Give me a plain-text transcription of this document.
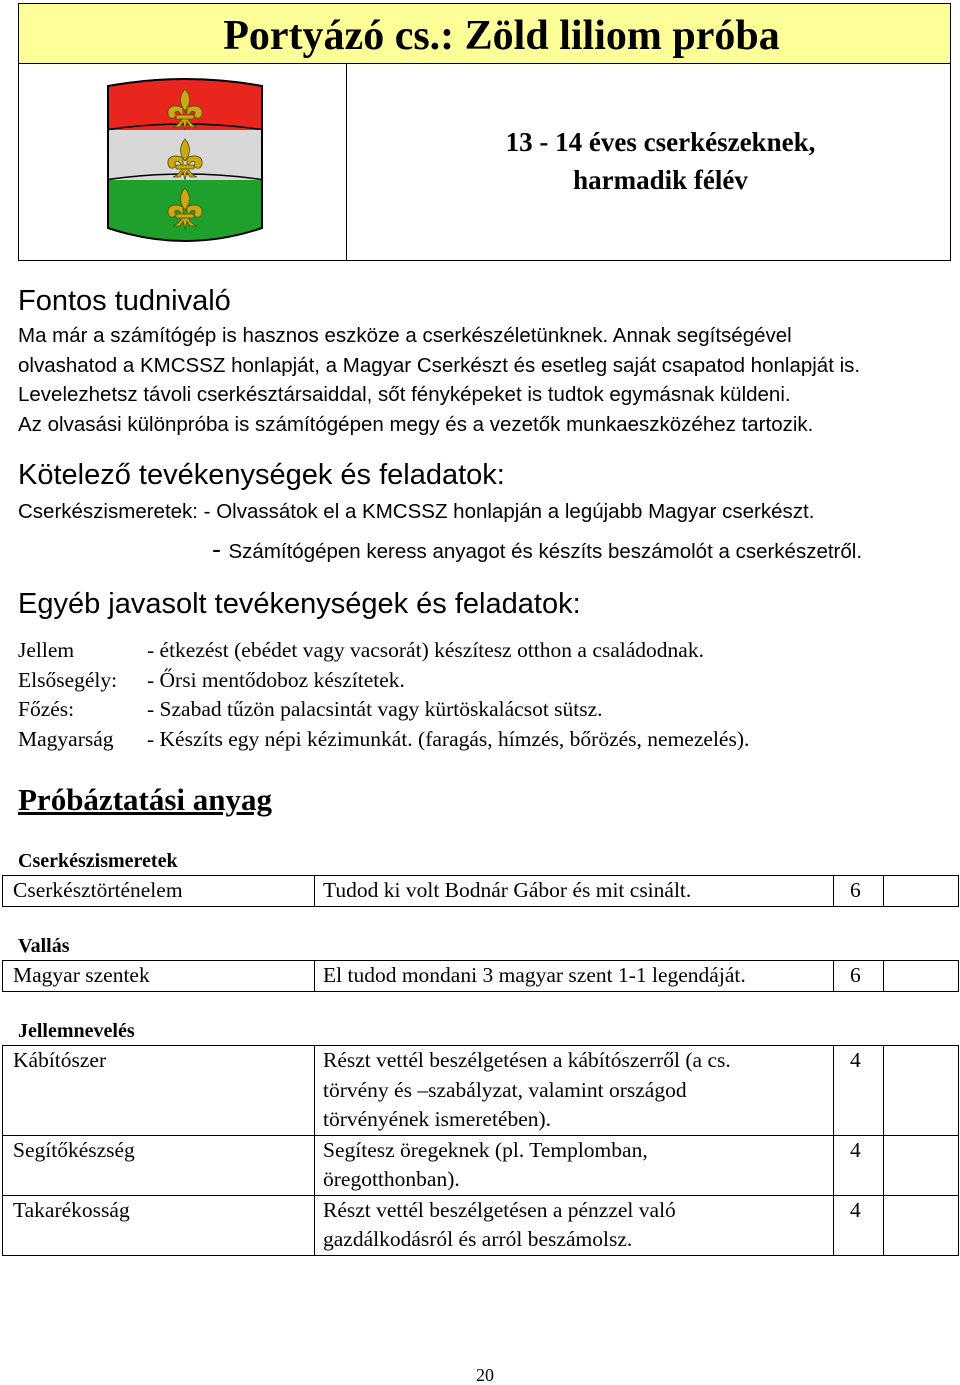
Portyázó cs.: Zöld liliom próba
13 - 14 éves cserkészeknek,
harmadik félév
Fontos tudnivaló
Ma már a számítógép is hasznos eszköze a cserkészéletünknek. Annak segítségével
olvashatod a KMCSSZ honlapját, a Magyar Cserkészt és esetleg saját csapatod honlapját is.
Levelezhetsz távoli cserkésztársaiddal, sőt fényképeket is tudtok egymásnak küldeni.
Az olvasási különpróba is számítógépen megy és a vezetők munkaeszközéhez tartozik.
Kötelező tevékenységek és feladatok:
Cserkészismeretek: - Olvassátok el a KMCSSZ honlapján a legújabb Magyar cserkészt.
- Számítógépen keress anyagot és készíts beszámolót a cserkészetről.
Egyéb javasolt tevékenységek és feladatok:
Jellem	- étkezést (ebédet vagy vacsorát) készítesz otthon a családodnak.
Elsősegély: - Őrsi mentődoboz készítetek.
Főzés:	- Szabad tűzön palacsintát vagy kürtöskalácsot sütsz.
Magyarság - Készíts egy népi kézimunkát. (faragás, hímzés, bőrözés, nemezelés).
Próbáztatási anyag
Cserkészismeretek
Cserkésztörténelem	Tudod ki volt Bodnár Gábor és mit csinált.	6	
Vallás
Magyar szentek	El tudod mondani 3 magyar szent 1-1 legendáját.	6	
Jellemnevelés
Kábítószer	Részt vettél beszélgetésen a kábítószerről (a cs.
törvény és –szabályzat, valamint országod
törvényének ismeretében).	4	
Segítőkészség	Segítesz öregeknek (pl. Templomban,
öregotthonban).	4	
Takarékosság	Részt vettél beszélgetésen a pénzzel való
gazdálkodásról és arról beszámolsz.	4	
20
